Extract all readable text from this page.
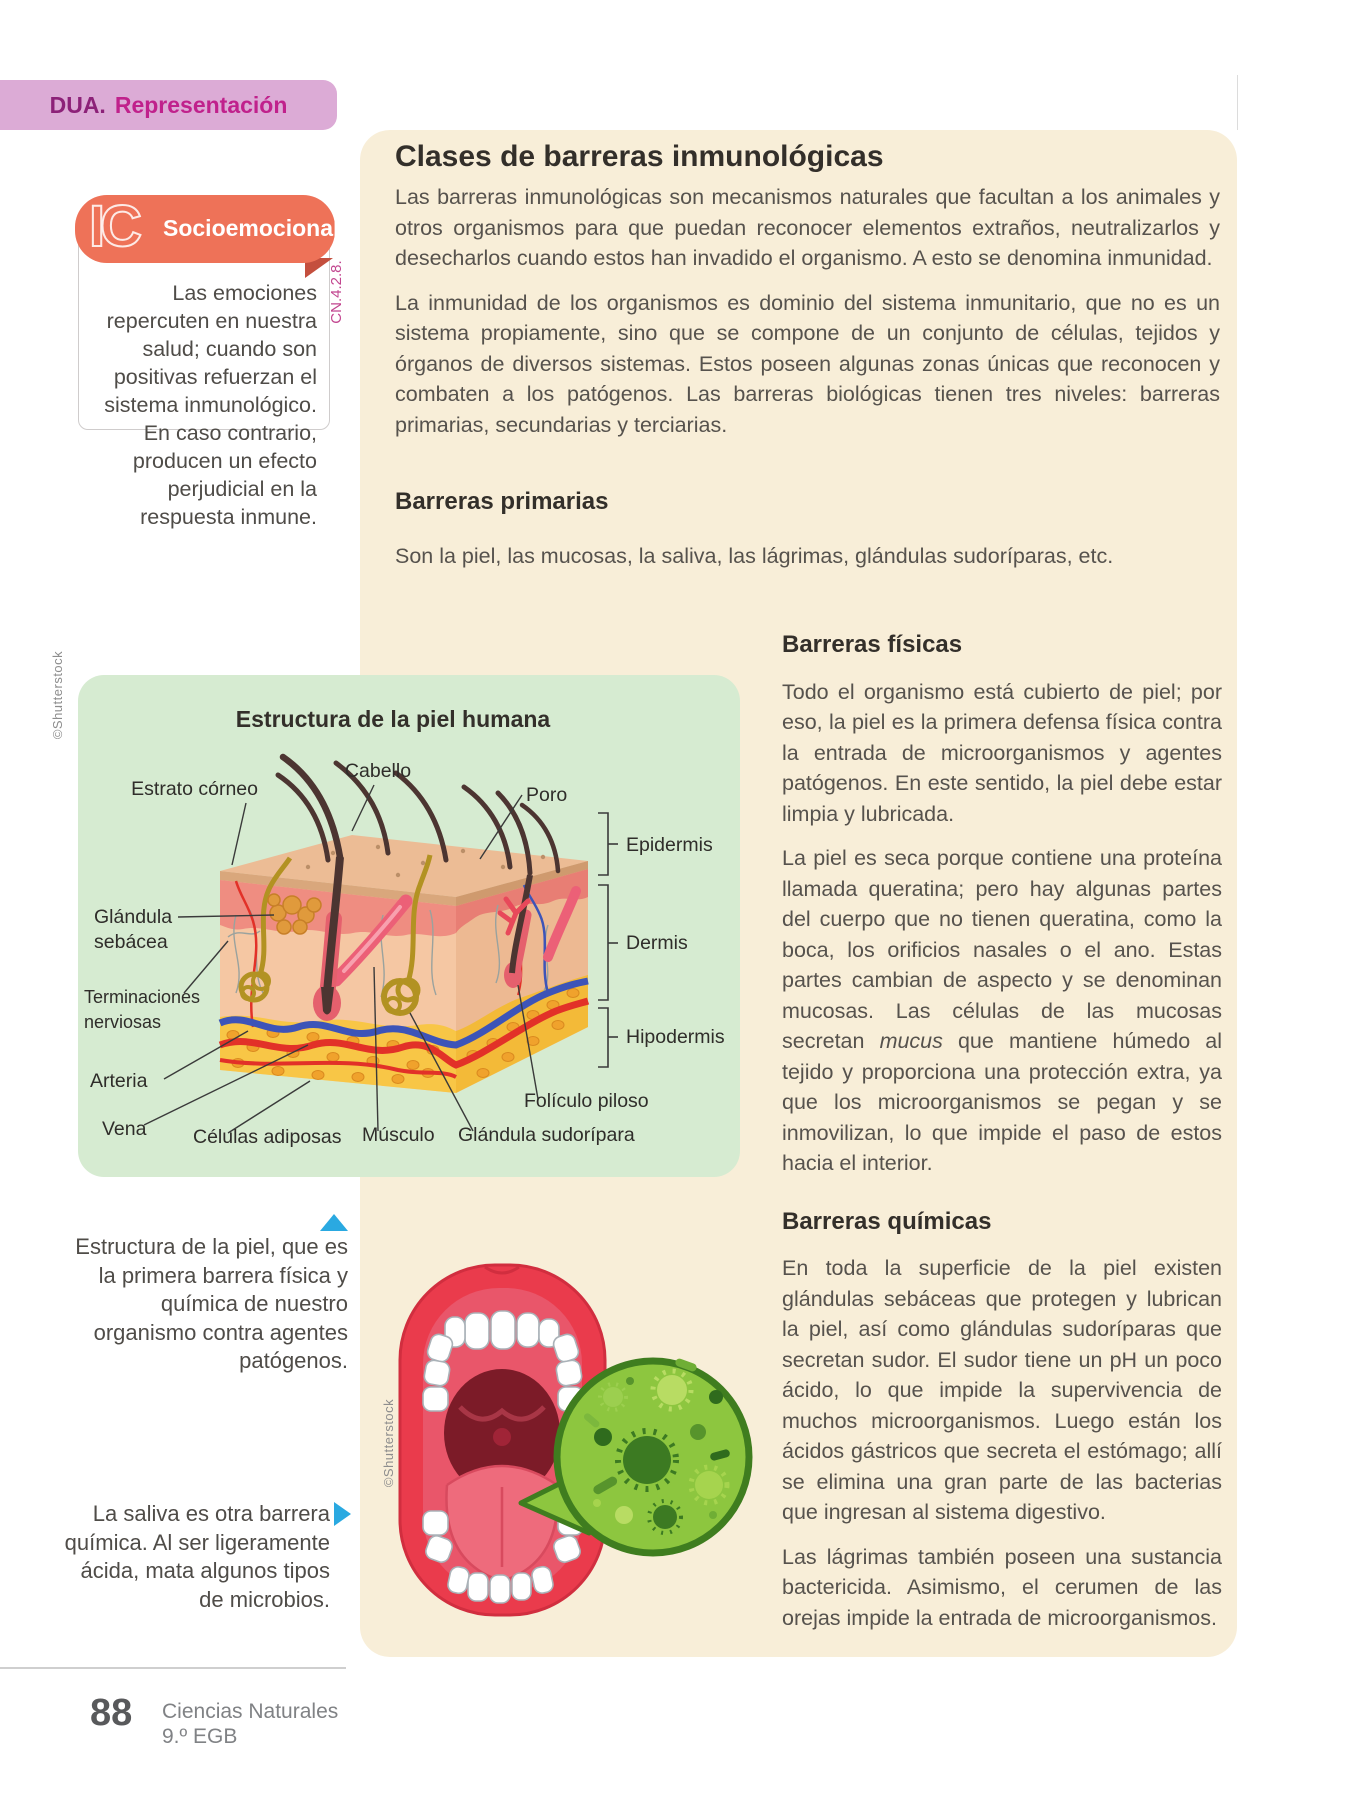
DUA. Representación
Las emociones repercuten en nuestra salud; cuando son positivas refuerzan el sistema inmunológico. En caso contrario, producen un efecto perjudicial en la respuesta inmune.
IC Socioemocional
CN.4.2.8.
Clases de barreras inmunológicas

Las barreras inmunológicas son mecanismos naturales que facultan a los animales y otros organismos para que puedan reconocer elementos extraños, neutralizarlos y desecharlos cuando estos han invadido el organismo. A esto se denomina inmunidad.

La inmunidad de los organismos es dominio del sistema inmunitario, que no es un sistema propiamente, sino que se compone de un conjunto de células, tejidos y órganos de diversos sistemas. Estos poseen algunas zonas únicas que reconocen y combaten a los patógenos. Las barreras biológicas tienen tres niveles: barreras primarias, secundarias y terciarias.

Barreras primarias
Son la piel, las mucosas, la saliva, las lágrimas, glándulas sudoríparas, etc.
Barreras físicas

Todo el organismo está cubierto de piel; por eso, la piel es la primera defensa física contra la entrada de microorganismos y agentes patógenos. En este sentido, la piel debe estar limpia y lubricada.

La piel es seca porque contiene una proteína llamada queratina; pero hay algunas partes del cuerpo que no tienen queratina, como la boca, los orificios nasales o el ano. Estas partes cambian de aspecto y se denominan mucosas. Las células de las mucosas secretan mucus que mantiene húmedo al tejido y proporciona una protección extra, ya que los microorganismos se pegan y se inmovilizan, lo que impide el paso de estos hacia el interior.

Barreras químicas

En toda la superficie de la piel existen glándulas sebáceas que protegen y lubrican la piel, así como glándulas sudoríparas que secretan sudor. El sudor tiene un pH un poco ácido, lo que impide la supervivencia de muchos microorganismos. Luego están los ácidos gástricos que secreta el estómago; allí se elimina una gran parte de las bacterias que ingresan al sistema digestivo.

Las lágrimas también poseen una sustancia bactericida. Asimismo, el cerumen de las orejas impide la entrada de microorganismos.

Estructura de la piel humana
Cabello
Estrato córneo	Poro
Epidermis
Dermis
Hipodermis
Glándula
sebácea
Terminaciones
nerviosas
Arteria
Vena Células adiposas Músculo Glándula sudorípara
Folículo piloso
©Shutterstock
©Shutterstock
Estructura de la piel, que es la primera barrera física y química de nuestro organismo contra agentes patógenos.
La saliva es otra barrera química. Al ser ligeramente ácida, mata algunos tipos de microbios.
88 Ciencias Naturales
9.º EGB
